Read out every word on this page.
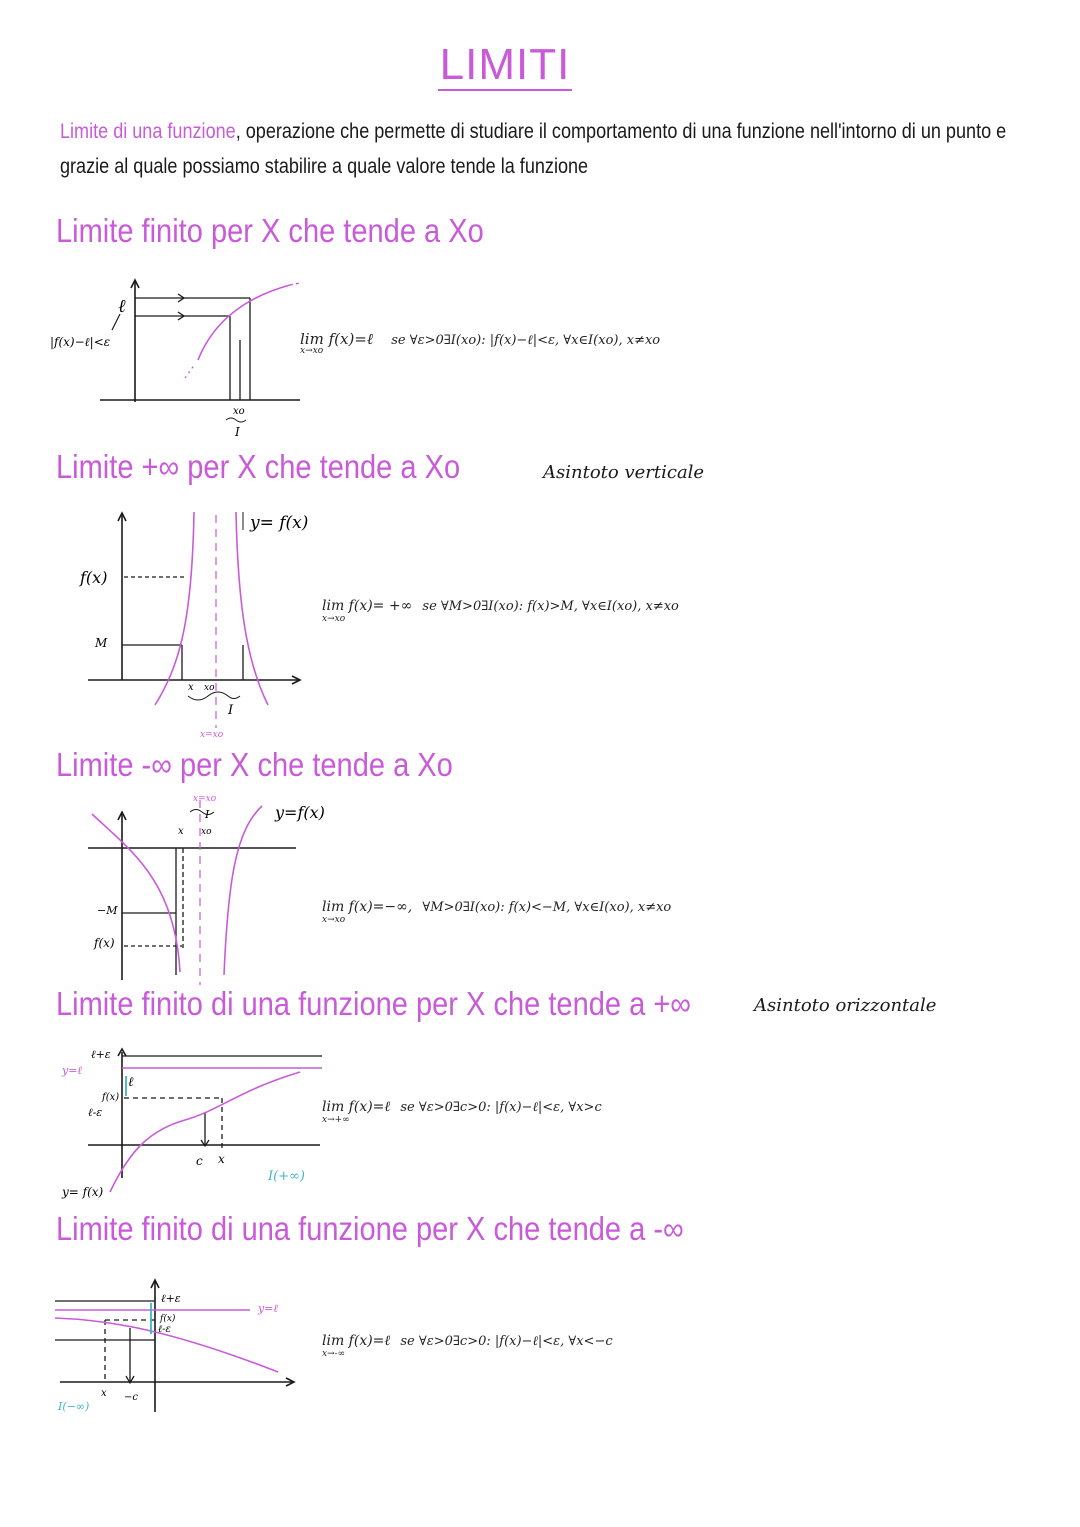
LIMITI
Limite di una funzione, operazione che permette di studiare il comportamento di una funzione nell'intorno di un punto e grazie al quale possiamo stabilire a quale valore tende la funzione
Limite finito per X che tende a Xo
ℓ
|f(x)−ℓ|<ε
xo
I
lim f(x)=ℓ
x→xo
se ∀ε>0∃I(xo): |f(x)−ℓ|<ε, ∀x∈I(xo), x≠xo
Limite +∞ per X che tende a Xo	Asintoto verticale
y= f(x)
f(x)
M
x xo
I
x=xo
lim f(x)= +∞
x→xo
se ∀M>0∃I(xo): f(x)>M, ∀x∈I(xo), x≠xo
Limite -∞ per X che tende a Xo
x=xo
I
x xo
y=f(x)
−M
f(x)
lim f(x)=−∞,
x→xo
∀M>0∃I(xo): f(x)<−M, ∀x∈I(xo), x≠xo
Limite finito di una funzione per X che tende a +∞	Asintoto orizzontale
ℓ+ε
y=ℓ
f(x)
ℓ
ℓ-ε
c x
I(+∞)
y= f(x)
lim f(x)=ℓ
x→+∞
se ∀ε>0∃c>0: |f(x)−ℓ|<ε, ∀x>c
Limite finito di una funzione per X che tende a -∞
ℓ+ε
f(x)
ℓ-ε
y=ℓ
x −c
I(−∞)
lim f(x)=ℓ
x→-∞
se ∀ε>0∃c>0: |f(x)−ℓ|<ε, ∀x<−c
